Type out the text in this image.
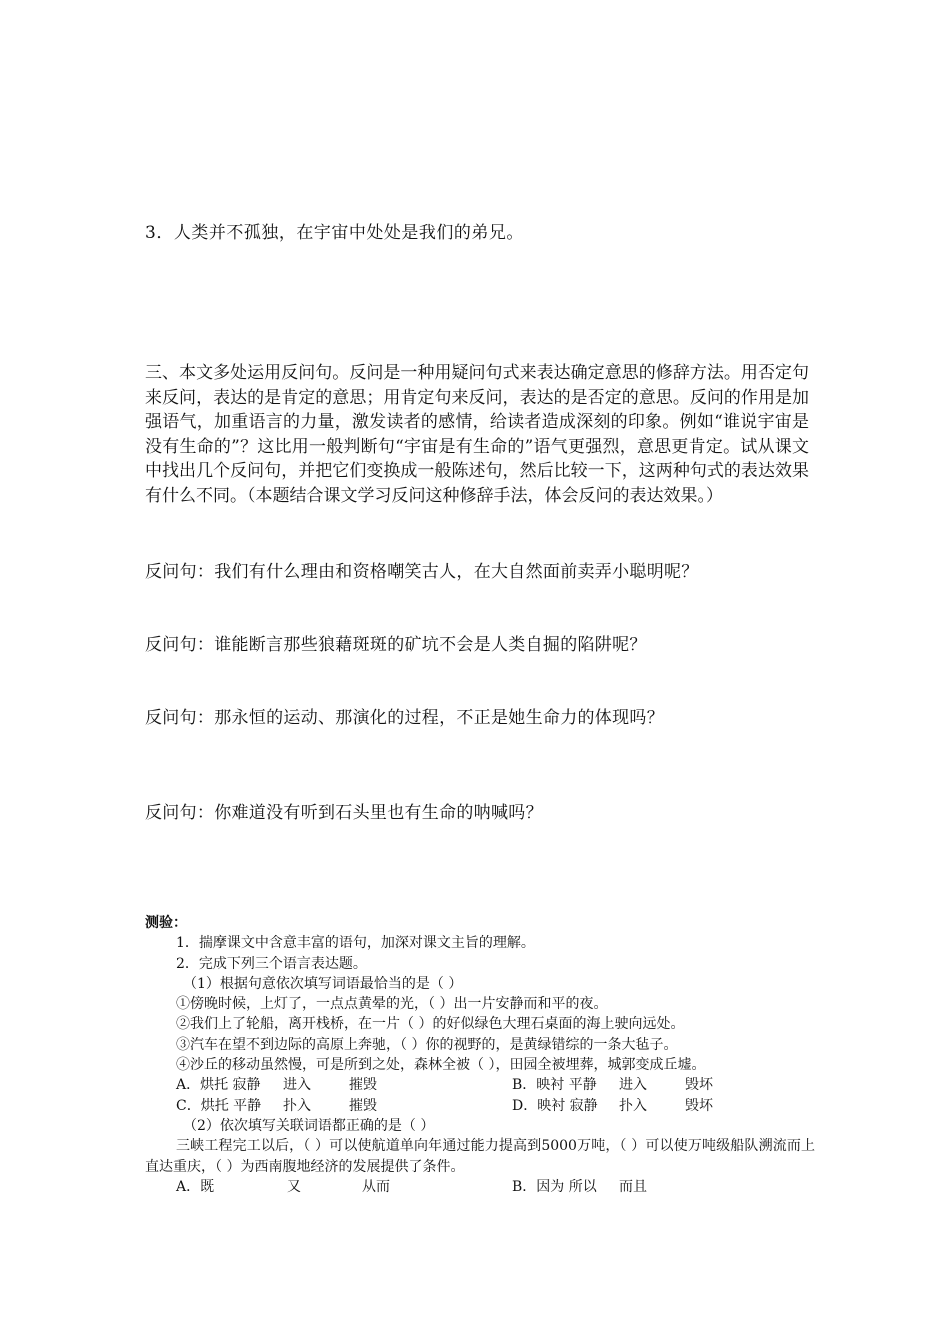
3．人类并不孤独，在宇宙中处处是我们的弟兄。
三、本文多处运用反问句。反问是一种用疑问句式来表达确定意思的修辞方法。用否定句来反问，表达的是肯定的意思；用肯定句来反问，表达的是否定的意思。反问的作用是加强语气，加重语言的力量，激发读者的感情，给读者造成深刻的印象。例如“谁说宇宙是没有生命的”？这比用一般判断句“宇宙是有生命的”语气更强烈，意思更肯定。试从课文中找出几个反问句，并把它们变换成一般陈述句，然后比较一下，这两种句式的表达效果有什么不同。（本题结合课文学习反问这种修辞手法，体会反问的表达效果。）
反问句：我们有什么理由和资格嘲笑古人，在大自然面前卖弄小聪明呢？
反问句：谁能断言那些狼藉斑斑的矿坑不会是人类自掘的陷阱呢？
反问句：那永恒的运动、那演化的过程，不正是她生命力的体现吗？
反问句：你难道没有听到石头里也有生命的呐喊吗？
测验：
1．揣摩课文中含意丰富的语句，加深对课文主旨的理解。
2．完成下列三个语言表达题。
（1）根据句意依次填写词语最恰当的是（ ）
①傍晚时候，上灯了，一点点黄晕的光，（ ）出一片安静而和平的夜。
②我们上了轮船，离开栈桥，在一片（ ）的好似绿色大理石桌面的海上驶向远处。
③汽车在望不到边际的高原上奔驰，（ ）你的视野的，是黄绿错综的一条大毡子。
④沙丘的移动虽然慢，可是所到之处，森林全被（ ），田园全被埋葬，城郭变成丘墟。
A．烘托 寂静	进入	摧毁	B．映衬 平静	进入	毁坏
C．烘托 平静	扑入	摧毁	D．映衬 寂静	扑入	毁坏
（2）依次填写关联词语都正确的是（ ）
三峡工程完工以后，（ ）可以使航道单向年通过能力提高到5000万吨，（ ）可以使万吨级船队溯流而上直达重庆，（ ）为西南腹地经济的发展提供了条件。
A．既	又	从而	B．因为 所以	而且
